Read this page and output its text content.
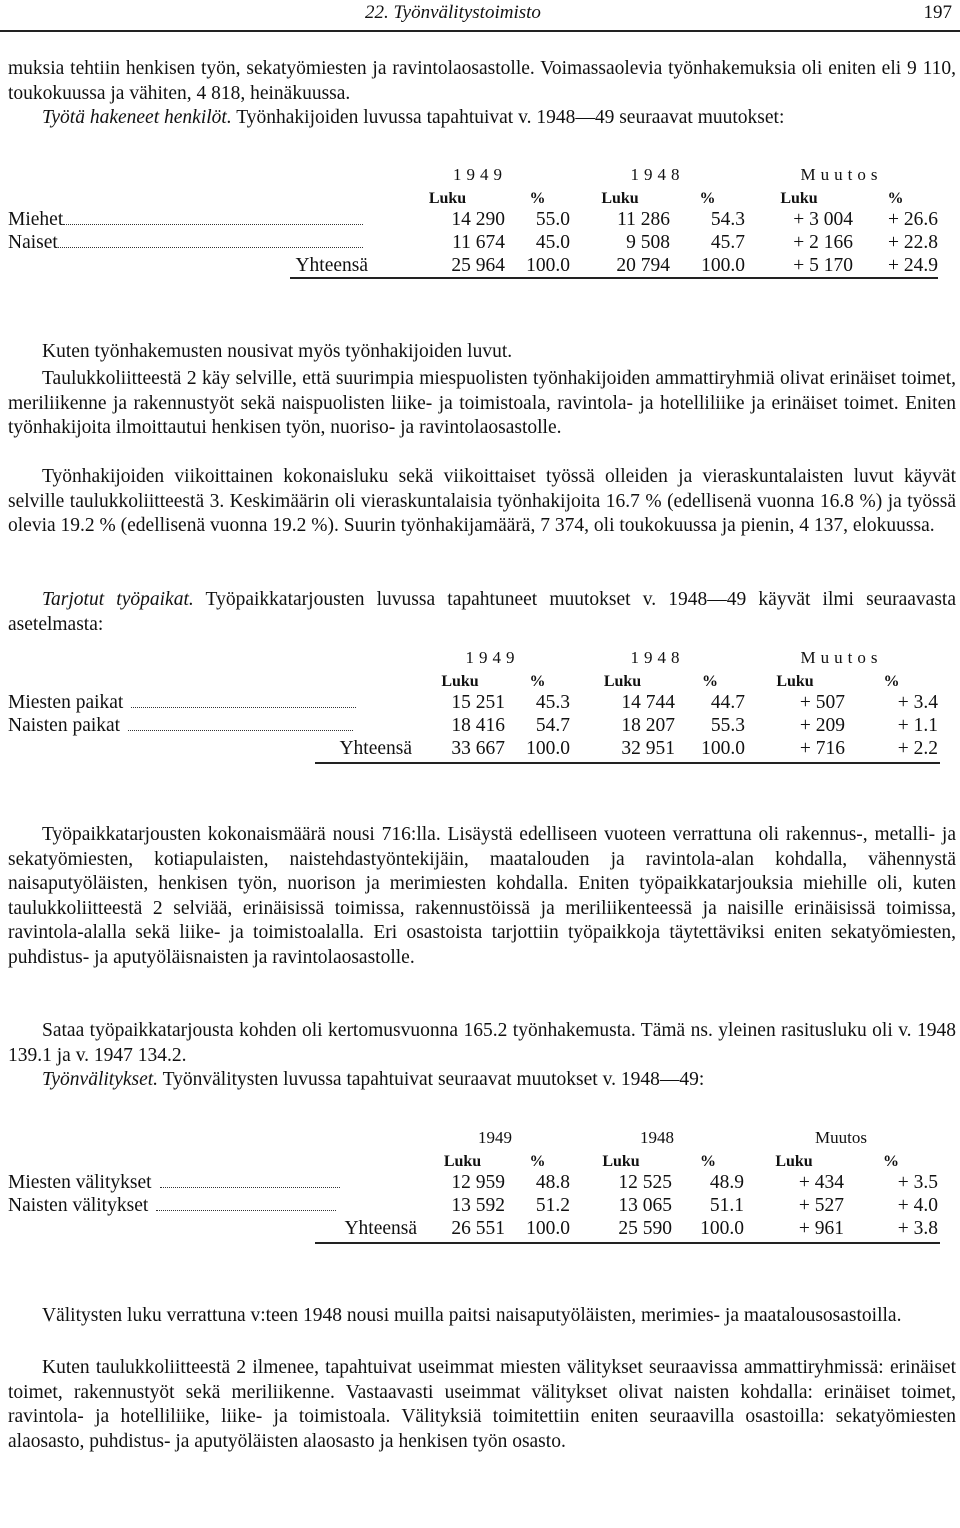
22. Työnvälitystoimisto	197

muksia tehtiin henkisen työn, sekatyömiesten ja ravintolaosastolle. Voimassaolevia työnhakemuksia oli eniten eli 9 110, toukokuussa ja vähiten, 4 818, heinäkuussa.

Työtä hakeneet henkilöt. Työnhakijoiden luvussa tapahtuivat v. 1948—49 seuraavat muutokset:

	1949		1948		Muutos	
	Luku	%	Luku	%	Luku	%
Miehet	14 290	55.0	11 286	54.3	+ 3 004	+ 26.6
Naiset	11 674	45.0	9 508	45.7	+ 2 166	+ 22.8
Yhteensä	25 964	100.0	20 794	100.0	+ 5 170	+ 24.9

Kuten työnhakemusten nousivat myös työnhakijoiden luvut.

Taulukkoliitteestä 2 käy selville, että suurimpia miespuolisten työnhakijoiden ammattiryhmiä olivat erinäiset toimet, meriliikenne ja rakennustyöt sekä naispuolisten liike- ja toimistoala, ravintola- ja hotelliliike ja erinäiset toimet. Eniten työnhakijoita ilmoittautui henkisen työn, nuoriso- ja ravintolaosastolle.

Työnhakijoiden viikoittainen kokonaisluku sekä viikoittaiset työssä olleiden ja vieraskuntalaisten luvut käyvät selville taulukkoliitteestä 3. Keskimäärin oli vieraskuntalaisia työnhakijoita 16.7 % (edellisenä vuonna 16.8 %) ja työssä olevia 19.2 % (edellisenä vuonna 19.2 %). Suurin työnhakijamäärä, 7 374, oli toukokuussa ja pienin, 4 137, elokuussa.

Tarjotut työpaikat. Työpaikkatarjousten luvussa tapahtuneet muutokset v. 1948—49 käyvät ilmi seuraavasta asetelmasta:

	1949		1948		Muutos	
	Luku	%	Luku	%	Luku	%
Miesten paikat	15 251	45.3	14 744	44.7	+ 507	+ 3.4
Naisten paikat	18 416	54.7	18 207	55.3	+ 209	+ 1.1
Yhteensä	33 667	100.0	32 951	100.0	+ 716	+ 2.2

Työpaikkatarjousten kokonaismäärä nousi 716:lla. Lisäystä edelliseen vuoteen verrattuna oli rakennus-, metalli- ja sekatyömiesten, kotiapulaisten, naistehdastyöntekijäin, maatalouden ja ravintola-alan kohdalla, vähennystä naisaputyöläisten, henkisen työn, nuorison ja merimiesten kohdalla. Eniten työpaikkatarjouksia miehille oli, kuten taulukkoliitteestä 2 selviää, erinäisissä toimissa, rakennustöissä ja meriliikenteessä ja naisille erinäisissä toimissa, ravintola-alalla sekä liike- ja toimistoalalla. Eri osastoista tarjottiin työpaikkoja täytettäviksi eniten sekatyömiesten, puhdistus- ja aputyöläisnaisten ja ravintolaosastolle.

Sataa työpaikkatarjousta kohden oli kertomusvuonna 165.2 työnhakemusta. Tämä ns. yleinen rasitusluku oli v. 1948 139.1 ja v. 1947 134.2.

Työnvälitykset. Työnvälitysten luvussa tapahtuivat seuraavat muutokset v. 1948—49:

	1949		1948		Muutos	
	Luku	%	Luku	%	Luku	%
Miesten välitykset	12 959	48.8	12 525	48.9	+ 434	+ 3.5
Naisten välitykset	13 592	51.2	13 065	51.1	+ 527	+ 4.0
Yhteensä	26 551	100.0	25 590	100.0	+ 961	+ 3.8

Välitysten luku verrattuna v:teen 1948 nousi muilla paitsi naisaputyöläisten, merimies- ja maatalousosastoilla.

Kuten taulukkoliitteestä 2 ilmenee, tapahtuivat useimmat miesten välitykset seuraavissa ammattiryhmissä: erinäiset toimet, rakennustyöt sekä meriliikenne. Vastaavasti useimmat välitykset olivat naisten kohdalla: erinäiset toimet, ravintola- ja hotelliliike, liike- ja toimistoala. Välityksiä toimitettiin eniten seuraavilla osastoilla: sekatyömiesten alaosasto, puhdistus- ja aputyöläisten alaosasto ja henkisen työn osasto.
